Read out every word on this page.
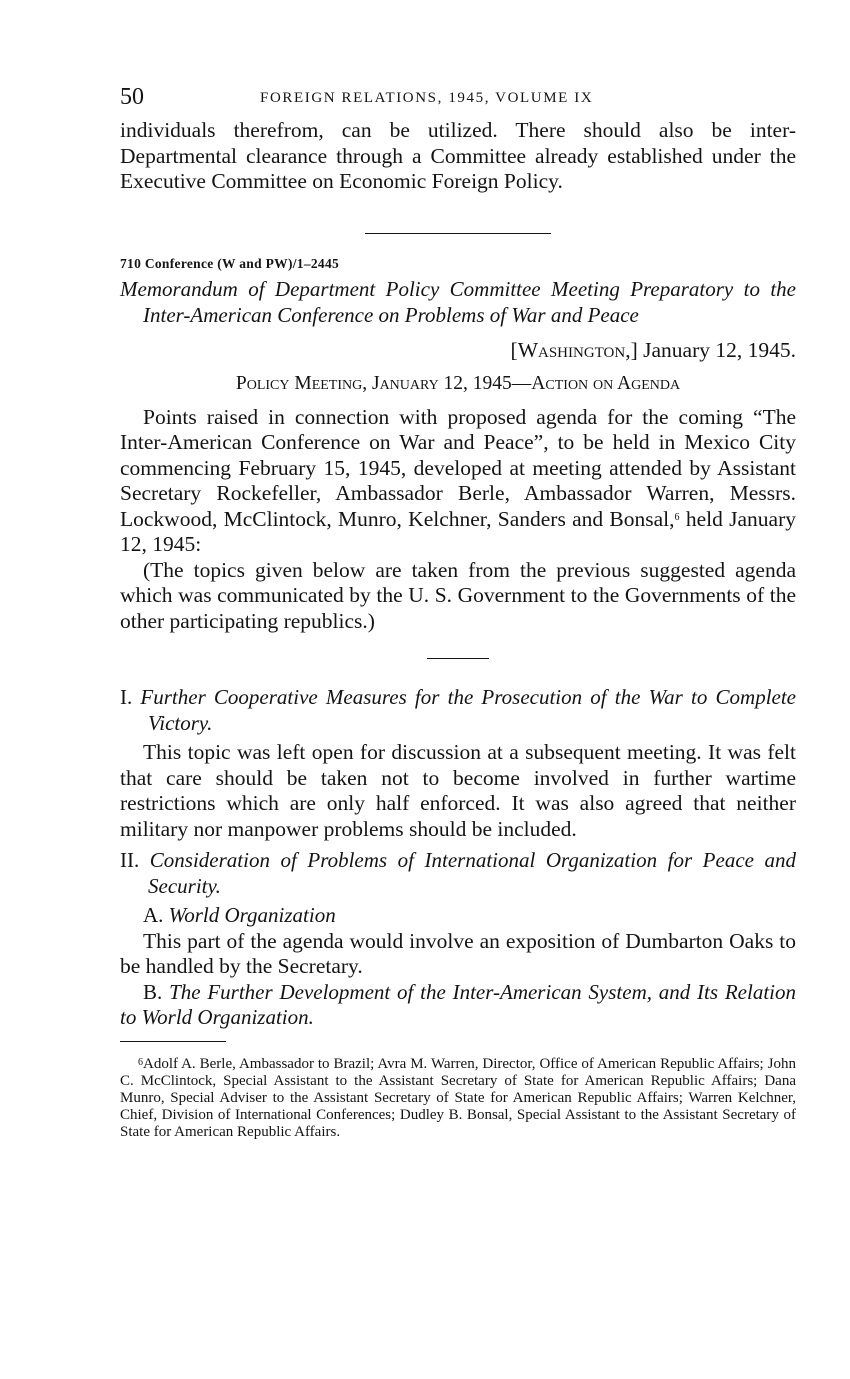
50	FOREIGN RELATIONS, 1945, VOLUME IX

individuals therefrom, can be utilized. There should also be inter-Departmental clearance through a Committee already established under the Executive Committee on Economic Foreign Policy.

710 Conference (W and PW)/1–2445
Memorandum of Department Policy Committee Meeting Preparatory to the Inter-American Conference on Problems of War and Peace
[Washington,] January 12, 1945.
Policy Meeting, January 12, 1945—Action on Agenda

Points raised in connection with proposed agenda for the coming “The Inter-American Conference on War and Peace”, to be held in Mexico City commencing February 15, 1945, developed at meeting attended by Assistant Secretary Rockefeller, Ambassador Berle, Ambassador Warren, Messrs. Lockwood, McClintock, Munro, Kelchner, Sanders and Bonsal,$^6$ held January 12, 1945:

(The topics given below are taken from the previous suggested agenda which was communicated by the U. S. Government to the Governments of the other participating republics.)

I. Further Cooperative Measures for the Prosecution of the War to Complete Victory.

This topic was left open for discussion at a subsequent meeting. It was felt that care should be taken not to become involved in further wartime restrictions which are only half enforced. It was also agreed that neither military nor manpower problems should be included.

II. Consideration of Problems of International Organization for Peace and Security.
A. World Organization

This part of the agenda would involve an exposition of Dumbarton Oaks to be handled by the Secretary.

B. The Further Development of the Inter-American System, and Its Relation to World Organization.

$^6$Adolf A. Berle, Ambassador to Brazil; Avra M. Warren, Director, Office of American Republic Affairs; John C. McClintock, Special Assistant to the Assistant Secretary of State for American Republic Affairs; Dana Munro, Special Adviser to the Assistant Secretary of State for American Republic Affairs; Warren Kelchner, Chief, Division of International Conferences; Dudley B. Bonsal, Special Assistant to the Assistant Secretary of State for American Republic Affairs.
